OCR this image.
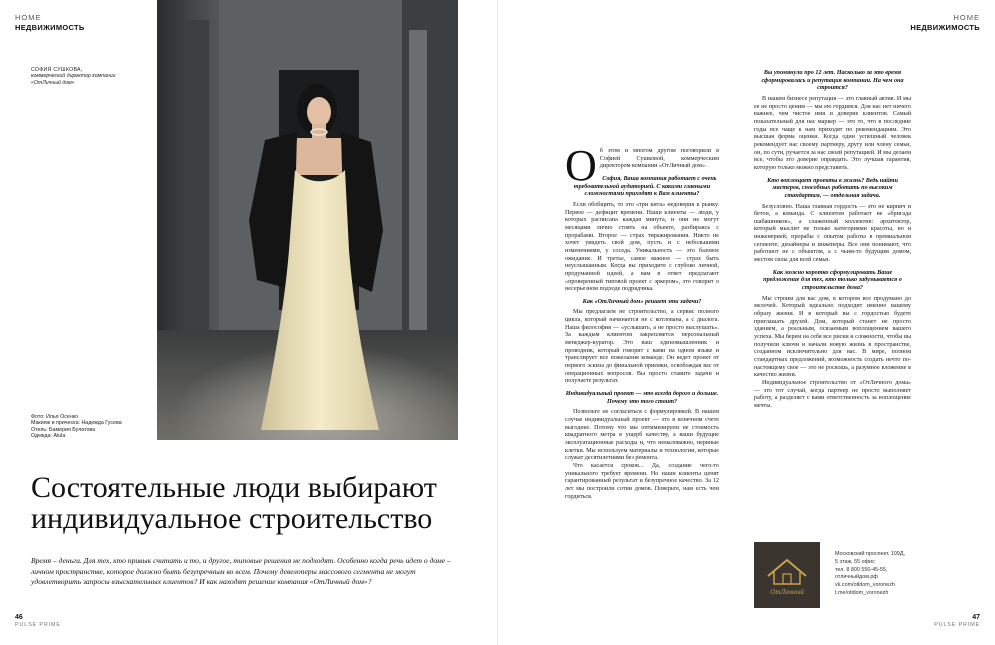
HOME
НЕДВИЖИМОСТЬ
HOME
НЕДВИЖИМОСТЬ
СОФИЯ СУШКОВА,
коммерческий директор компании «ОтЛичный дом»
Фото: Илья Осенко
Макияж и прическа: Надежда Гусева
Отель: Бамерия Булатова
Одежда: Alula
Состоятельные люди выбирают индивидуальное строительство

Время – деньги. Для тех, кто привык считать и то, и другое, типовые решения не подходят. Особенно когда речь идет о доме – личном пространстве, которое должно быть безупречным во всем. Почему девелоперы массового сегмента не могут удовлетворить запросы взыскательных клиентов? И как находят решение компания «ОтЛичный дом»?

46
PULSE PRIME
47
PULSE PRIME
О б этом и многом другом поговорили в Софией Сушковой, коммерческим директором компании «ОтЛичный дом».

София, Ваша компания работает с очень требовательной аудиторией. С какими главными сложностями приходят к Вам клиенты?

Если обобщить, то это «три кита» недоверия к рынку. Первое — дефицит времени. Наши клиенты — люди, у которых расписана каждая минута, и они не могут месяцами лично стоять на объекте, разбираясь с прорабами. Второе — страх тиражирования. Никто не хочет увидеть свой дом, пусть и с небольшими изменениями, у соседа. Уникальность — это базовое ожидание. И третье, самое важное — страх быть неуслышанным. Когда вы приходите с глубоко личной, продуманной идеей, а вам в ответ предлагают «проверенный типовой проект с эркером», это говорит о несерьезном подходе подрядчика.

Как «ОтЛичный дом» решает эти задачи?

Мы предлагаем не строительство, а сервис полного цикла, который начинается не с котлована, а с диалога. Наша философия — «услышать, а не просто выслушать». За каждым клиентом закрепляется персональный менеджер-куратор. Это ваш единомышленник и проводник, который говорит с вами на одном языке и транслирует все пожелания команде. Он ведет проект от первого эскиза до финальной приемки, освобождая вас от операционных вопросов. Вы просто ставите задачи и получаете результат.

Индивидуальный проект — это всегда дорого и дольше. Почему это того стоит?

Позвольте не согласиться с формулировкой. В нашем случае индивидуальный проект — это в конечном счете выгоднее. Потому что мы оптимизируем не стоимость квадратного метра в ущерб качеству, а ваши будущие эксплуатационные расходы и, что немаловажно, нервные клетки. Мы используем материалы и технологии, которые служат десятилетиями без ремонта.

Что касается сроков... Да, создание чего-то уникального требует времени. Но наши клиенты ценят гарантированный результат и безупречное качество. За 12 лет мы построили сотни домов. Поверьте, нам есть чем гордиться.

Вы упомянули про 12 лет. Насколько за это время сформировалась и репутация компании. На чем она строится?

В нашем бизнесе репутация — это главный актив. И мы ее не просто ценим — мы ею гордимся. Для нас нет ничего важнее, чем чистое имя и доверие клиентов. Самый показательный для нас маркер — это то, что в последние годы все чаще к нам приходят по рекомендациям. Это высшая форма оценки. Когда один успешный человек рекомендует нас своему партнеру, другу или члену семьи, он, по сути, ручается за нас своей репутацией. И мы делаем все, чтобы это доверие оправдать. Это лучшая гарантия, которую только можно представить.

Кто воплощает проекты в жизнь? Ведь найти мастеров, способных работать по высоким стандартам, — отдельная задача.

Безусловно. Наша главная гордость — это не кирпич и бетон, а команда. С клиентом работает не «бригада шабашников», а слаженный коллектив: архитектор, который мыслит не только категориями красоты, но и инженерией; прорабы с опытом работы в премиальном сегменте; дизайнеры и инженеры. Все они понимают, что работают не с объектом, а с чьим-то будущим домом, местом силы для всей семьи.

Как можно коротко сформулировать Ваше предложение для тех, кто только задумывается о строительстве дома?

Мы строим для вас дом, в котором все продумано до мелочей. Который идеально подходит именно вашему образу жизни. И в который вы с гордостью будете приглашать друзей. Дом, который станет не просто зданием, а реальным, осязаемым воплощением вашего успеха. Мы берем на себя все риски и сложности, чтобы вы получили ключи и начали новую жизнь в пространстве, созданном исключительно для вас. В мире, полном стандартных предложений, возможность создать нечто по-настоящему свое — это не роскошь, а разумное вложение в качество жизни.

Индивидуальное строительство от «ОтЛичного дома» — это тот случай, когда партнер не просто выполняет работу, а разделяет с вами ответственность за воплощение мечты.

ОтЛичный
Московский проспект, 109Д,
5 этаж, 55 офис
тел. 8 800 550-45-55,
отличныйдом.рф
vk.com/otldom_voronezh
t.me/otldom_voronezh
